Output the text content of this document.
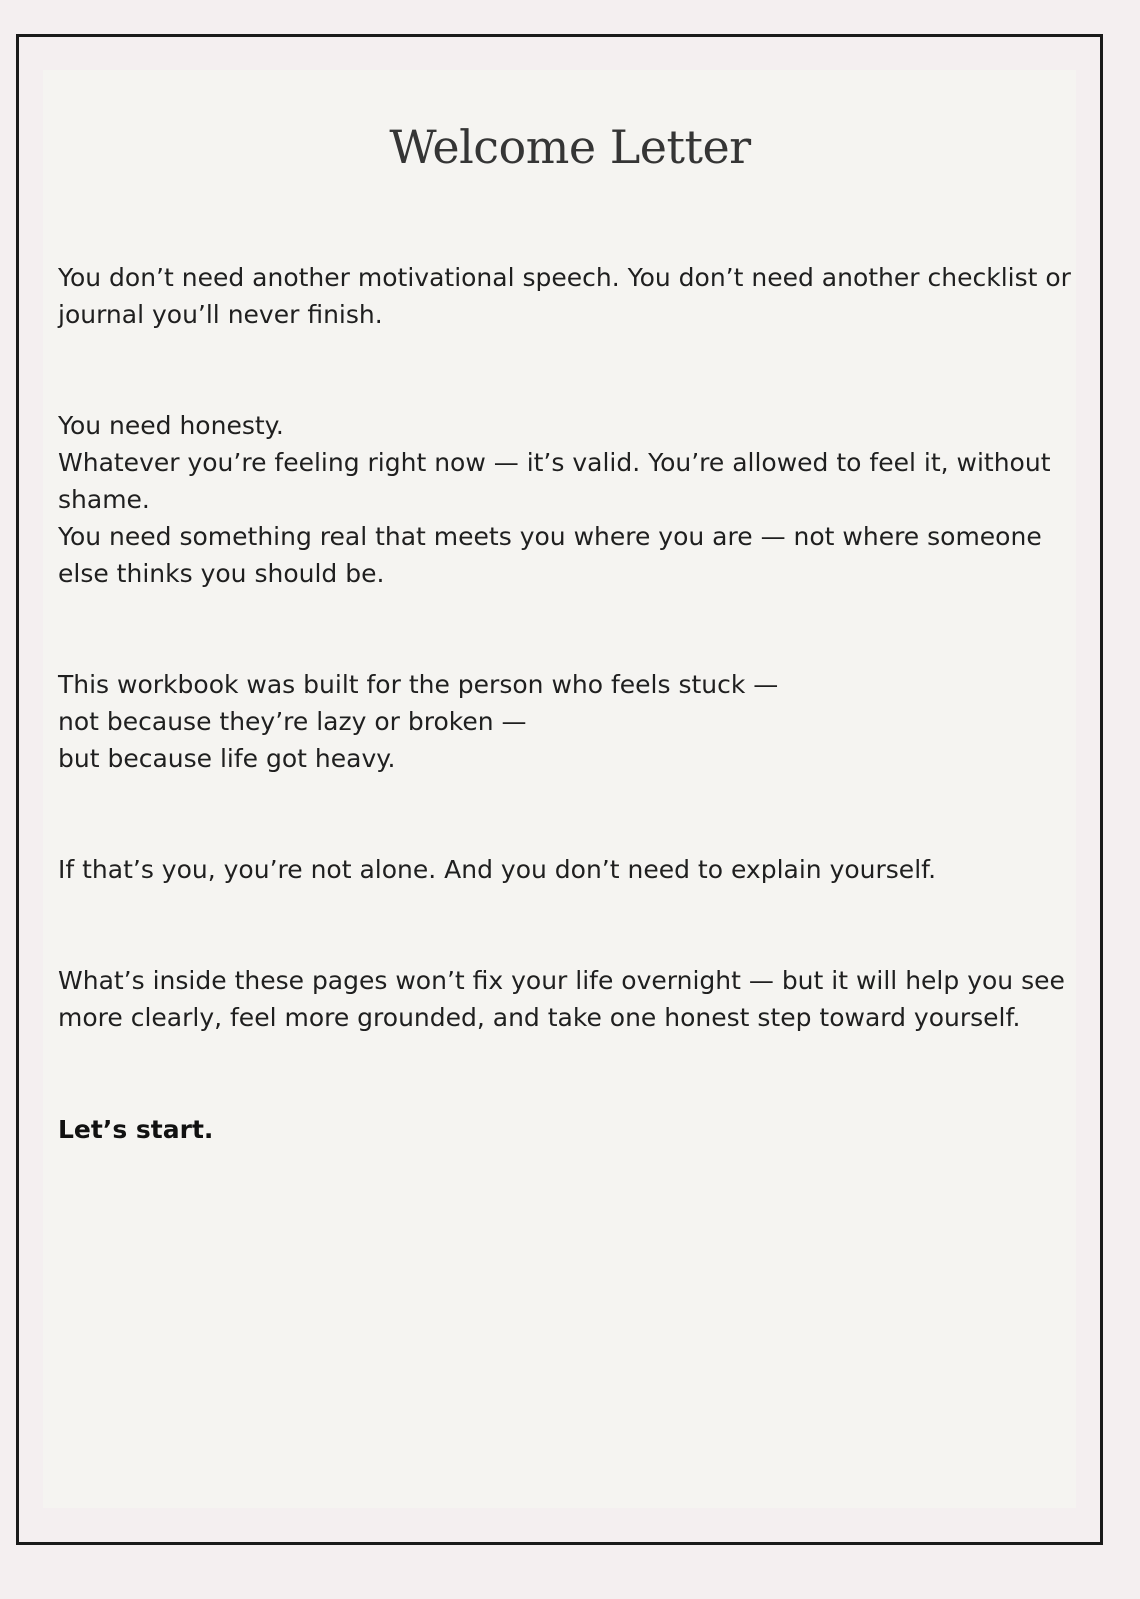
Welcome Letter
You don’t need another motivational speech. You don’t need another checklist or
journal you’ll never finish.
You need honesty.
Whatever you’re feeling right now — it’s valid. You’re allowed to feel it, without
shame.
You need something real that meets you where you are — not where someone
else thinks you should be.
This workbook was built for the person who feels stuck —
not because they’re lazy or broken —
but because life got heavy.
If that’s you, you’re not alone. And you don’t need to explain yourself.
What’s inside these pages won’t fix your life overnight — but it will help you see
more clearly, feel more grounded, and take one honest step toward yourself.
Let’s start.
